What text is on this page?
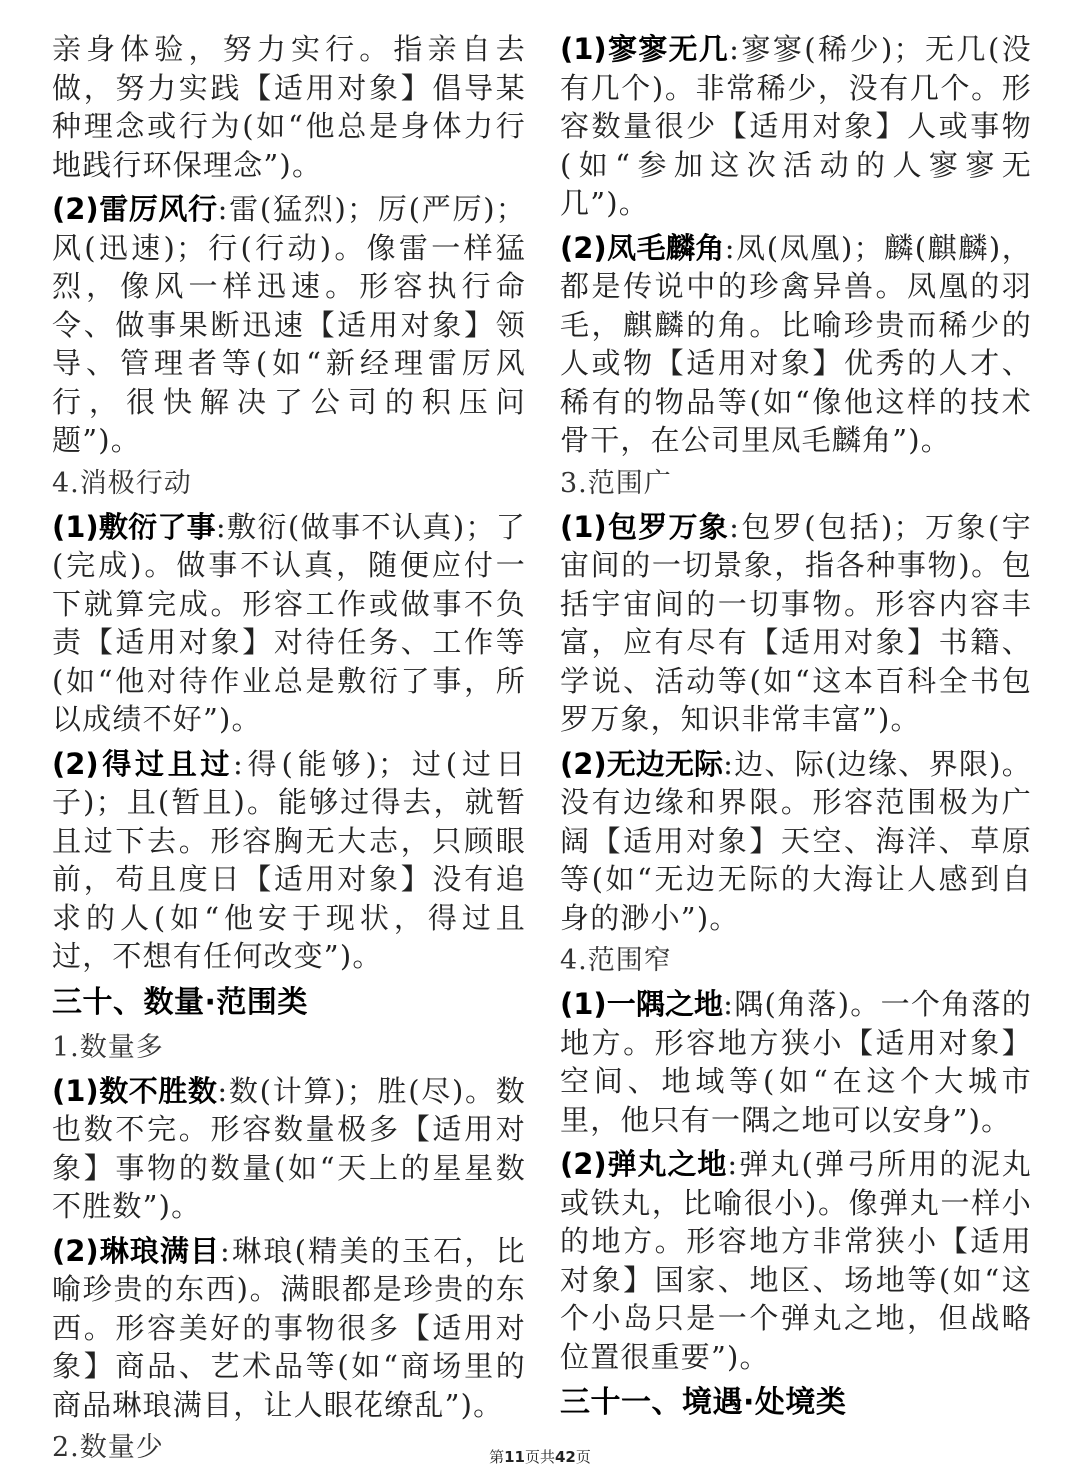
亲身体验，努力实行。指亲自去做，努力实践【适用对象】倡导某种理念或行为(如“他总是身体力行地践行环保理念”)。

(2)雷厉风行:雷(猛烈)；厉(严厉)；风(迅速)；行(行动)。像雷一样猛烈，像风一样迅速。形容执行命令、做事果断迅速【适用对象】领导、管理者等(如“新经理雷厉风行，很快解决了公司的积压问题”)。

4.消极行动

(1)敷衍了事:敷衍(做事不认真)；了(完成)。做事不认真，随便应付一下就算完成。形容工作或做事不负责【适用对象】对待任务、工作等(如“他对待作业总是敷衍了事，所以成绩不好”)。

(2)得过且过:得(能够)；过(过日子)；且(暂且)。能够过得去，就暂且过下去。形容胸无大志，只顾眼前，苟且度日【适用对象】没有追求的人(如“他安于现状，得过且过，不想有任何改变”)。

三十、数量·范围类
1.数量多

(1)数不胜数:数(计算)；胜(尽)。数也数不完。形容数量极多【适用对象】事物的数量(如“天上的星星数不胜数”)。

(2)琳琅满目:琳琅(精美的玉石，比喻珍贵的东西)。满眼都是珍贵的东西。形容美好的事物很多【适用对象】商品、艺术品等(如“商场里的商品琳琅满目，让人眼花缭乱”)。

2.数量少

(1)寥寥无几:寥寥(稀少)；无几(没有几个)。非常稀少，没有几个。形容数量很少【适用对象】人或事物(如“参加这次活动的人寥寥无几”)。

(2)凤毛麟角:凤(凤凰)；麟(麒麟)，都是传说中的珍禽异兽。凤凰的羽毛，麒麟的角。比喻珍贵而稀少的人或物【适用对象】优秀的人才、稀有的物品等(如“像他这样的技术骨干，在公司里凤毛麟角”)。

3.范围广

(1)包罗万象:包罗(包括)；万象(宇宙间的一切景象，指各种事物)。包括宇宙间的一切事物。形容内容丰富，应有尽有【适用对象】书籍、学说、活动等(如“这本百科全书包罗万象，知识非常丰富”)。

(2)无边无际:边、际(边缘、界限)。没有边缘和界限。形容范围极为广阔【适用对象】天空、海洋、草原等(如“无边无际的大海让人感到自身的渺小”)。

4.范围窄

(1)一隅之地:隅(角落)。一个角落的地方。形容地方狭小【适用对象】空间、地域等(如“在这个大城市里，他只有一隅之地可以安身”)。

(2)弹丸之地:弹丸(弹弓所用的泥丸或铁丸，比喻很小)。像弹丸一样小的地方。形容地方非常狭小【适用对象】国家、地区、场地等(如“这个小岛只是一个弹丸之地，但战略位置很重要”)。

三十一、境遇·处境类
第11页共42页
